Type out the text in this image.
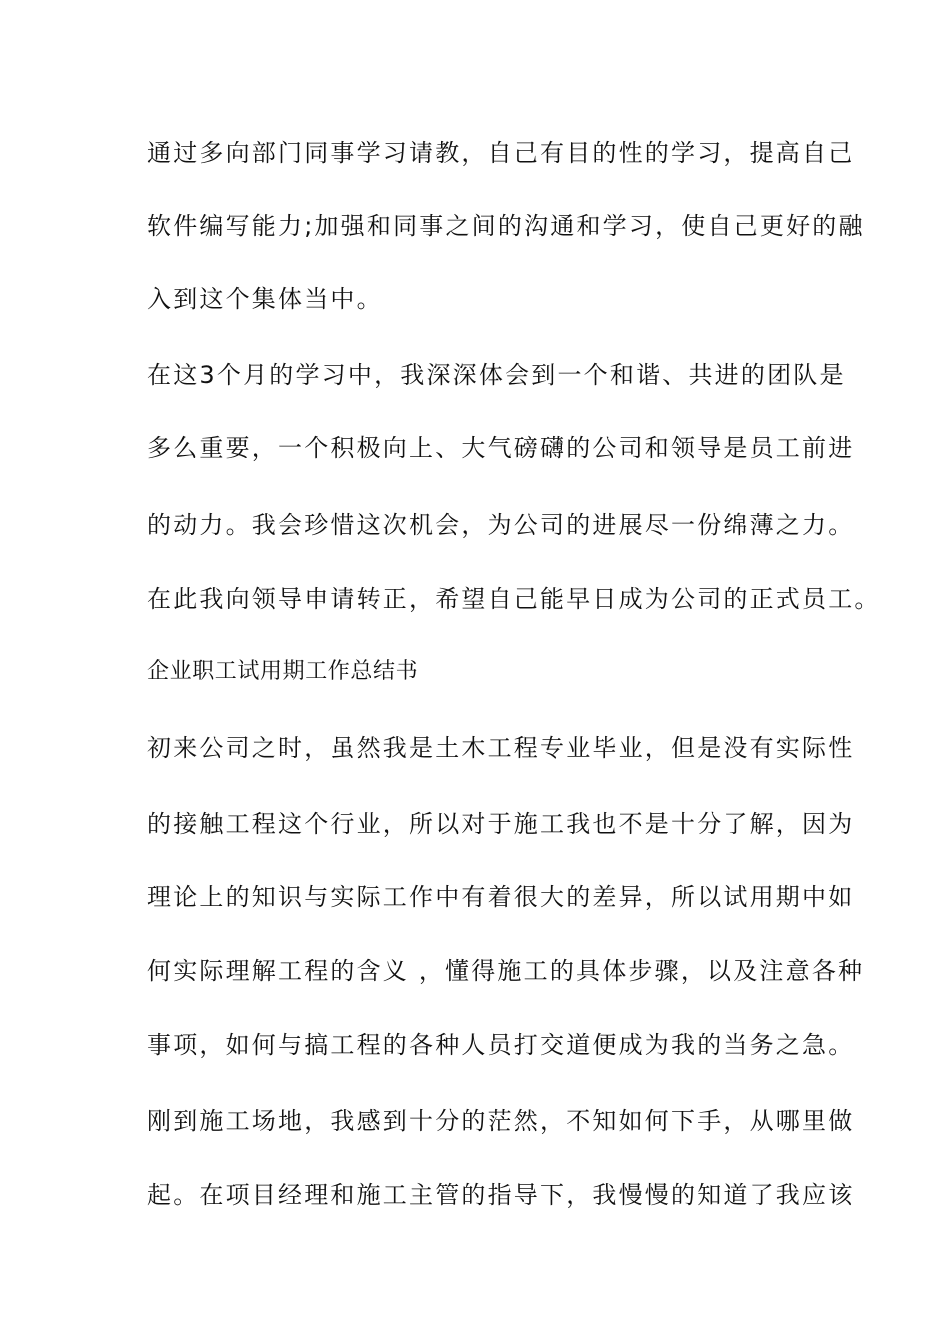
通过多向部门同事学习请教，自己有目的性的学习，提高自己
软件编写能力;加强和同事之间的沟通和学习，使自己更好的融
入到这个集体当中。
在这3个月的学习中，我深深体会到一个和谐、共进的团队是
多么重要，一个积极向上、大气磅礴的公司和领导是员工前进
的动力。我会珍惜这次机会，为公司的进展尽一份绵薄之力。
在此我向领导申请转正，希望自己能早日成为公司的正式员工。
企业职工试用期工作总结书
初来公司之时，虽然我是土木工程专业毕业，但是没有实际性
的接触工程这个行业，所以对于施工我也不是十分了解，因为
理论上的知识与实际工作中有着很大的差异，所以试用期中如
何实际理解工程的含义 ，懂得施工的具体步骤，以及注意各种
事项，如何与搞工程的各种人员打交道便成为我的当务之急。
刚到施工场地，我感到十分的茫然，不知如何下手，从哪里做
起。在项目经理和施工主管的指导下，我慢慢的知道了我应该
